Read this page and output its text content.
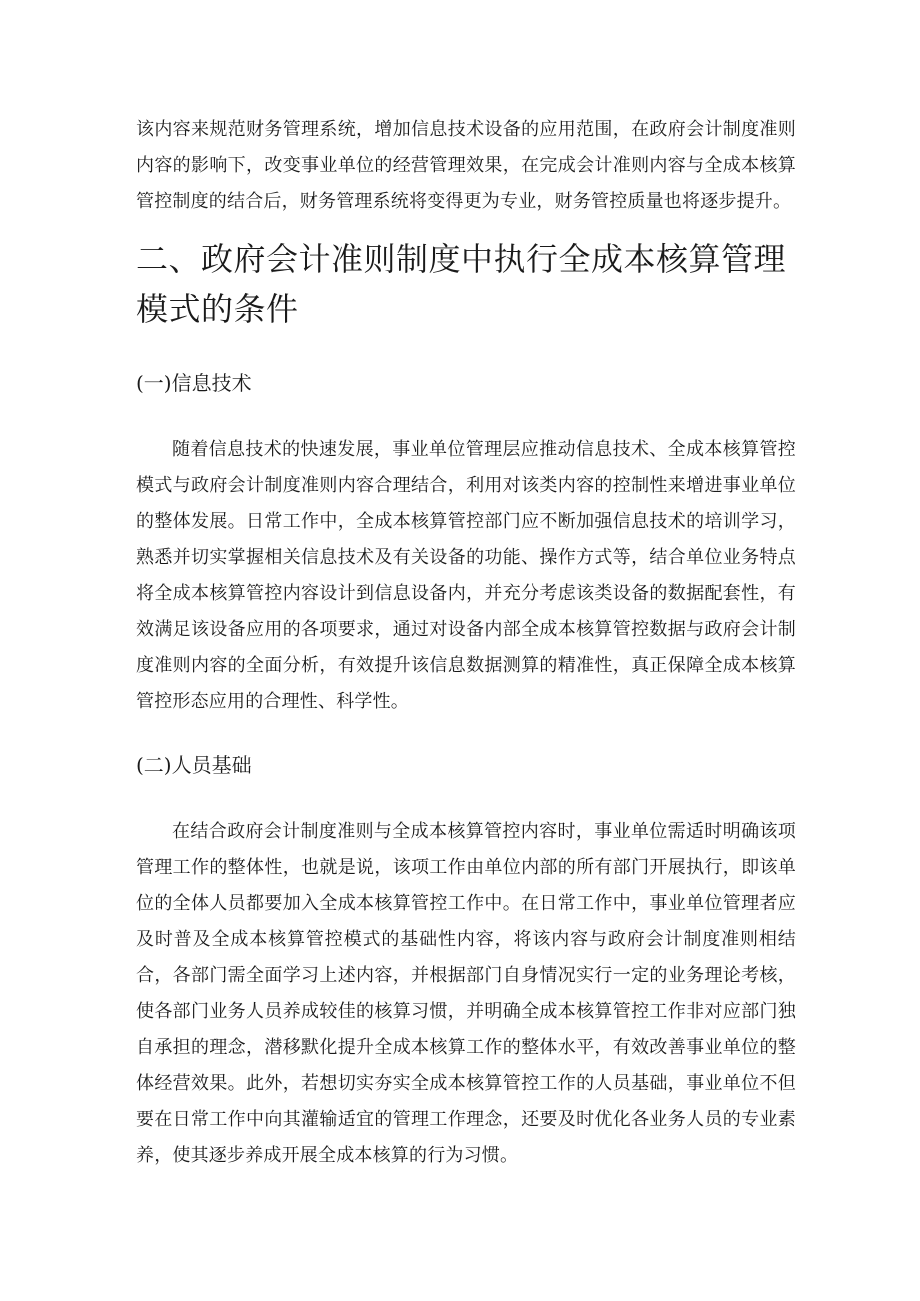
该内容来规范财务管理系统，增加信息技术设备的应用范围，在政府会计制度准则内容的影响下，改变事业单位的经营管理效果，在完成会计准则内容与全成本核算管控制度的结合后，财务管理系统将变得更为专业，财务管控质量也将逐步提升。

二、政府会计准则制度中执行全成本核算管理模式的条件
(一)信息技术

随着信息技术的快速发展，事业单位管理层应推动信息技术、全成本核算管控模式与政府会计制度准则内容合理结合，利用对该类内容的控制性来增进事业单位的整体发展。日常工作中，全成本核算管控部门应不断加强信息技术的培训学习，熟悉并切实掌握相关信息技术及有关设备的功能、操作方式等，结合单位业务特点将全成本核算管控内容设计到信息设备内，并充分考虑该类设备的数据配套性，有效满足该设备应用的各项要求，通过对设备内部全成本核算管控数据与政府会计制度准则内容的全面分析，有效提升该信息数据测算的精准性，真正保障全成本核算管控形态应用的合理性、科学性。

(二)人员基础

在结合政府会计制度准则与全成本核算管控内容时，事业单位需适时明确该项管理工作的整体性，也就是说，该项工作由单位内部的所有部门开展执行，即该单位的全体人员都要加入全成本核算管控工作中。在日常工作中，事业单位管理者应及时普及全成本核算管控模式的基础性内容，将该内容与政府会计制度准则相结合，各部门需全面学习上述内容，并根据部门自身情况实行一定的业务理论考核，使各部门业务人员养成较佳的核算习惯，并明确全成本核算管控工作非对应部门独自承担的理念，潜移默化提升全成本核算工作的整体水平，有效改善事业单位的整体经营效果。此外，若想切实夯实全成本核算管控工作的人员基础，事业单位不但要在日常工作中向其灌输适宜的管理工作理念，还要及时优化各业务人员的专业素养，使其逐步养成开展全成本核算的行为习惯。
